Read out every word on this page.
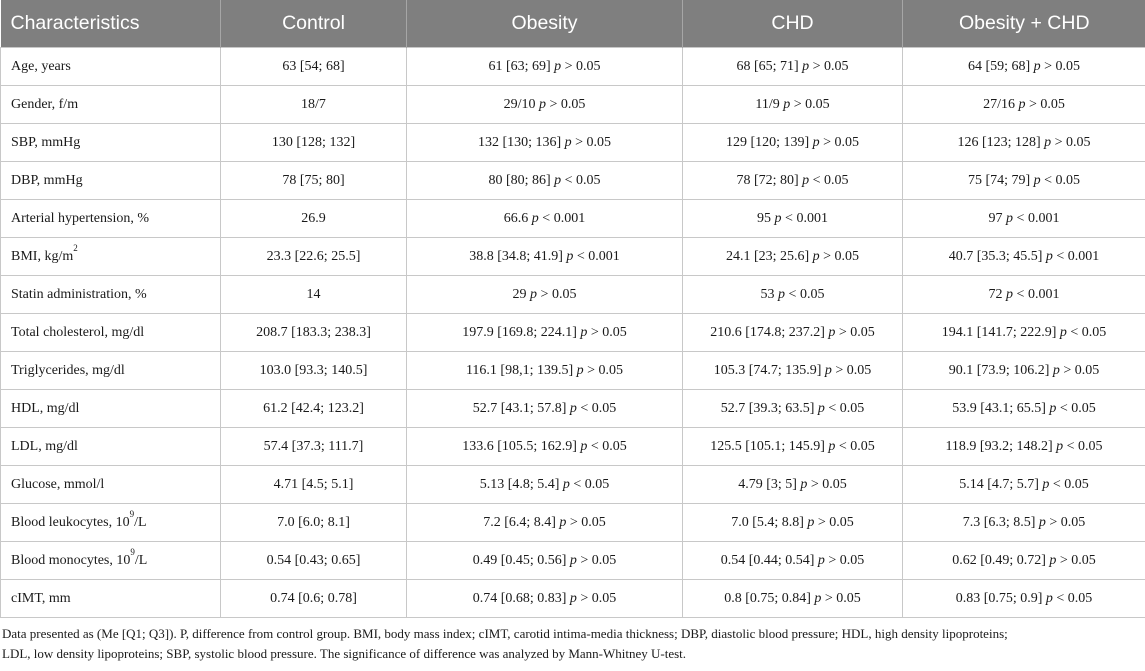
Characteristics	Control	Obesity	CHD	Obesity + CHD
Age, years	63 [54; 68]	61 [63; 69] p > 0.05	68 [65; 71] p > 0.05	64 [59; 68] p > 0.05
Gender, f/m	18/7	29/10 p > 0.05	11/9 p > 0.05	27/16 p > 0.05
SBP, mmHg	130 [128; 132]	132 [130; 136] p > 0.05	129 [120; 139] p > 0.05	126 [123; 128] p > 0.05
DBP, mmHg	78 [75; 80]	80 [80; 86] p < 0.05	78 [72; 80] p < 0.05	75 [74; 79] p < 0.05
Arterial hypertension, %	26.9	66.6 p < 0.001	95 p < 0.001	97 p < 0.001
BMI, $kg/m^2$	23.3 [22.6; 25.5]	38.8 [34.8; 41.9] p < 0.001	24.1 [23; 25.6] p > 0.05	40.7 [35.3; 45.5] p < 0.001
Statin administration, %	14	29 p > 0.05	53 p < 0.05	72 p < 0.001
Total cholesterol, mg/dl	208.7 [183.3; 238.3]	197.9 [169.8; 224.1] p > 0.05	210.6 [174.8; 237.2] p > 0.05	194.1 [141.7; 222.9] p < 0.05
Triglycerides, mg/dl	103.0 [93.3; 140.5]	116.1 [98,1; 139.5] p > 0.05	105.3 [74.7; 135.9] p > 0.05	90.1 [73.9; 106.2] p > 0.05
HDL, mg/dl	61.2 [42.4; 123.2]	52.7 [43.1; 57.8] p < 0.05	52.7 [39.3; 63.5] p < 0.05	53.9 [43.1; 65.5] p < 0.05
LDL, mg/dl	57.4 [37.3; 111.7]	133.6 [105.5; 162.9] p < 0.05	125.5 [105.1; 145.9] p < 0.05	118.9 [93.2; 148.2] p < 0.05
Glucose, mmol/l	4.71 [4.5; 5.1]	5.13 [4.8; 5.4] p < 0.05	4.79 [3; 5] p > 0.05	5.14 [4.7; 5.7] p < 0.05
Blood leukocytes, $10^9/L$	7.0 [6.0; 8.1]	7.2 [6.4; 8.4] p > 0.05	7.0 [5.4; 8.8] p > 0.05	7.3 [6.3; 8.5] p > 0.05
Blood monocytes, $10^9/L$	0.54 [0.43; 0.65]	0.49 [0.45; 0.56] p > 0.05	0.54 [0.44; 0.54] p > 0.05	0.62 [0.49; 0.72] p > 0.05
cIMT, mm	0.74 [0.6; 0.78]	0.74 [0.68; 0.83] p > 0.05	0.8 [0.75; 0.84] p > 0.05	0.83 [0.75; 0.9] p < 0.05

Data presented as (Me [Q1; Q3]). P, difference from control group. BMI, body mass index; cIMT, carotid intima-media thickness; DBP, diastolic blood pressure; HDL, high density lipoproteins;

LDL, low density lipoproteins; SBP, systolic blood pressure. The significance of difference was analyzed by Mann-Whitney U-test.
